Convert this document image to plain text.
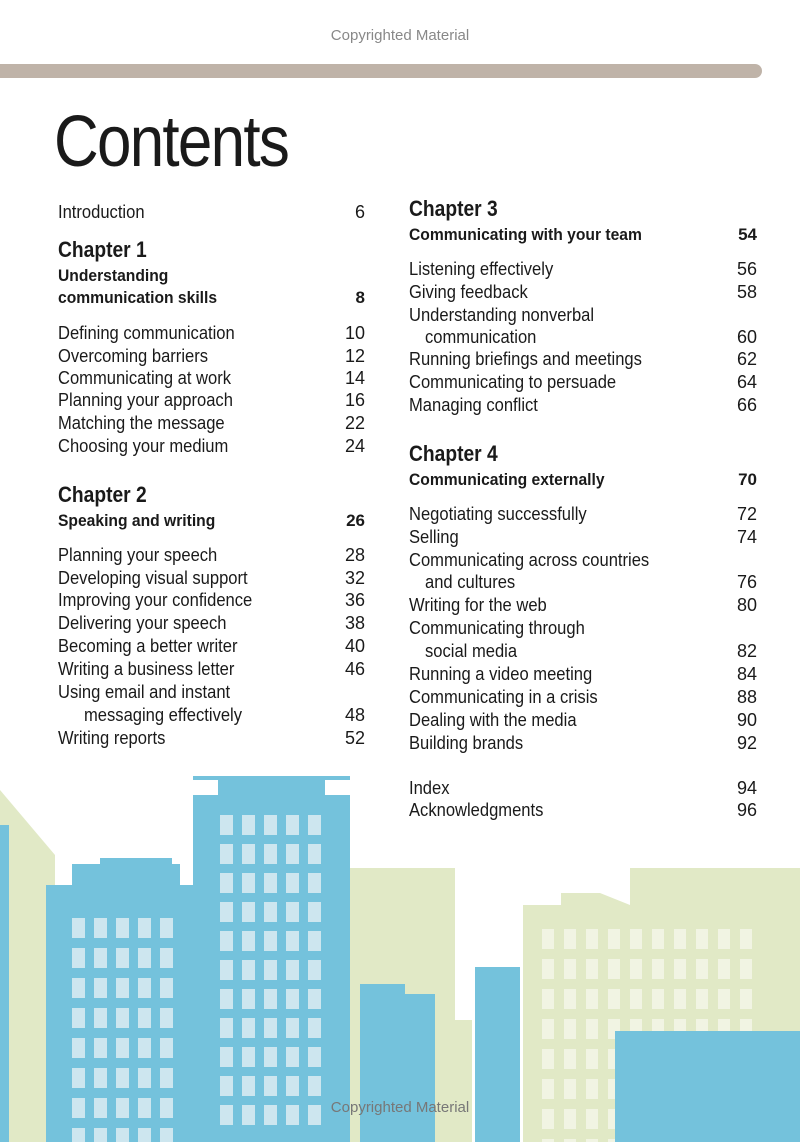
Copyrighted Material
Contents
Introduction	6
Chapter 1
Understanding
communication skills	8
Defining communication	10
Overcoming barriers	12
Communicating at work	14
Planning your approach	16
Matching the message	22
Choosing your medium	24
Chapter 2
Speaking and writing	26
Planning your speech	28
Developing visual support	32
Improving your confidence	36
Delivering your speech	38
Becoming a better writer	40
Writing a business letter	46
Using email and instant
messaging effectively	48
Writing reports	52
Chapter 3
Communicating with your team	54
Listening effectively	56
Giving feedback	58
Understanding nonverbal
communication	60
Running briefings and meetings	62
Communicating to persuade	64
Managing conflict	66
Chapter 4
Communicating externally	70
Negotiating successfully	72
Selling	74
Communicating across countries
and cultures	76
Writing for the web	80
Communicating through
social media	82
Running a video meeting	84
Communicating in a crisis	88
Dealing with the media	90
Building brands	92
Index	94
Acknowledgments	96
Copyrighted Material
